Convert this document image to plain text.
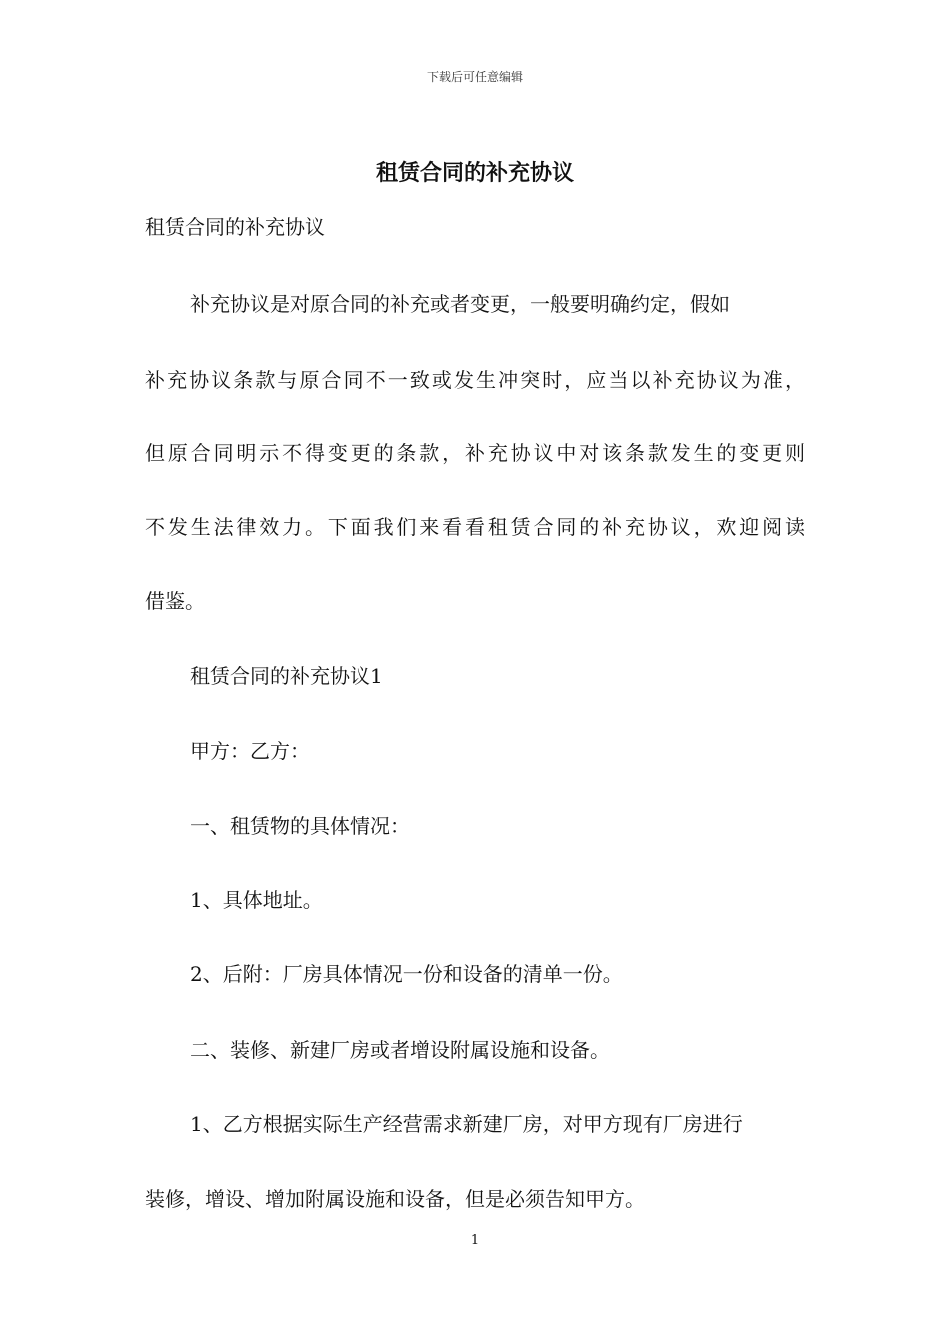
下载后可任意编辑
租赁合同的补充协议

租赁合同的补充协议

补充协议是对原合同的补充或者变更，一般要明确约定，假如

补充协议条款与原合同不一致或发生冲突时，应当以补充协议为准，

但原合同明示不得变更的条款，补充协议中对该条款发生的变更则

不发生法律效力。下面我们来看看租赁合同的补充协议，欢迎阅读

借鉴。

租赁合同的补充协议1

甲方：乙方：

一、租赁物的具体情况：

1、具体地址。

2、后附：厂房具体情况一份和设备的清单一份。

二、装修、新建厂房或者增设附属设施和设备。

1、乙方根据实际生产经营需求新建厂房，对甲方现有厂房进行

装修，增设、增加附属设施和设备，但是必须告知甲方。

1
